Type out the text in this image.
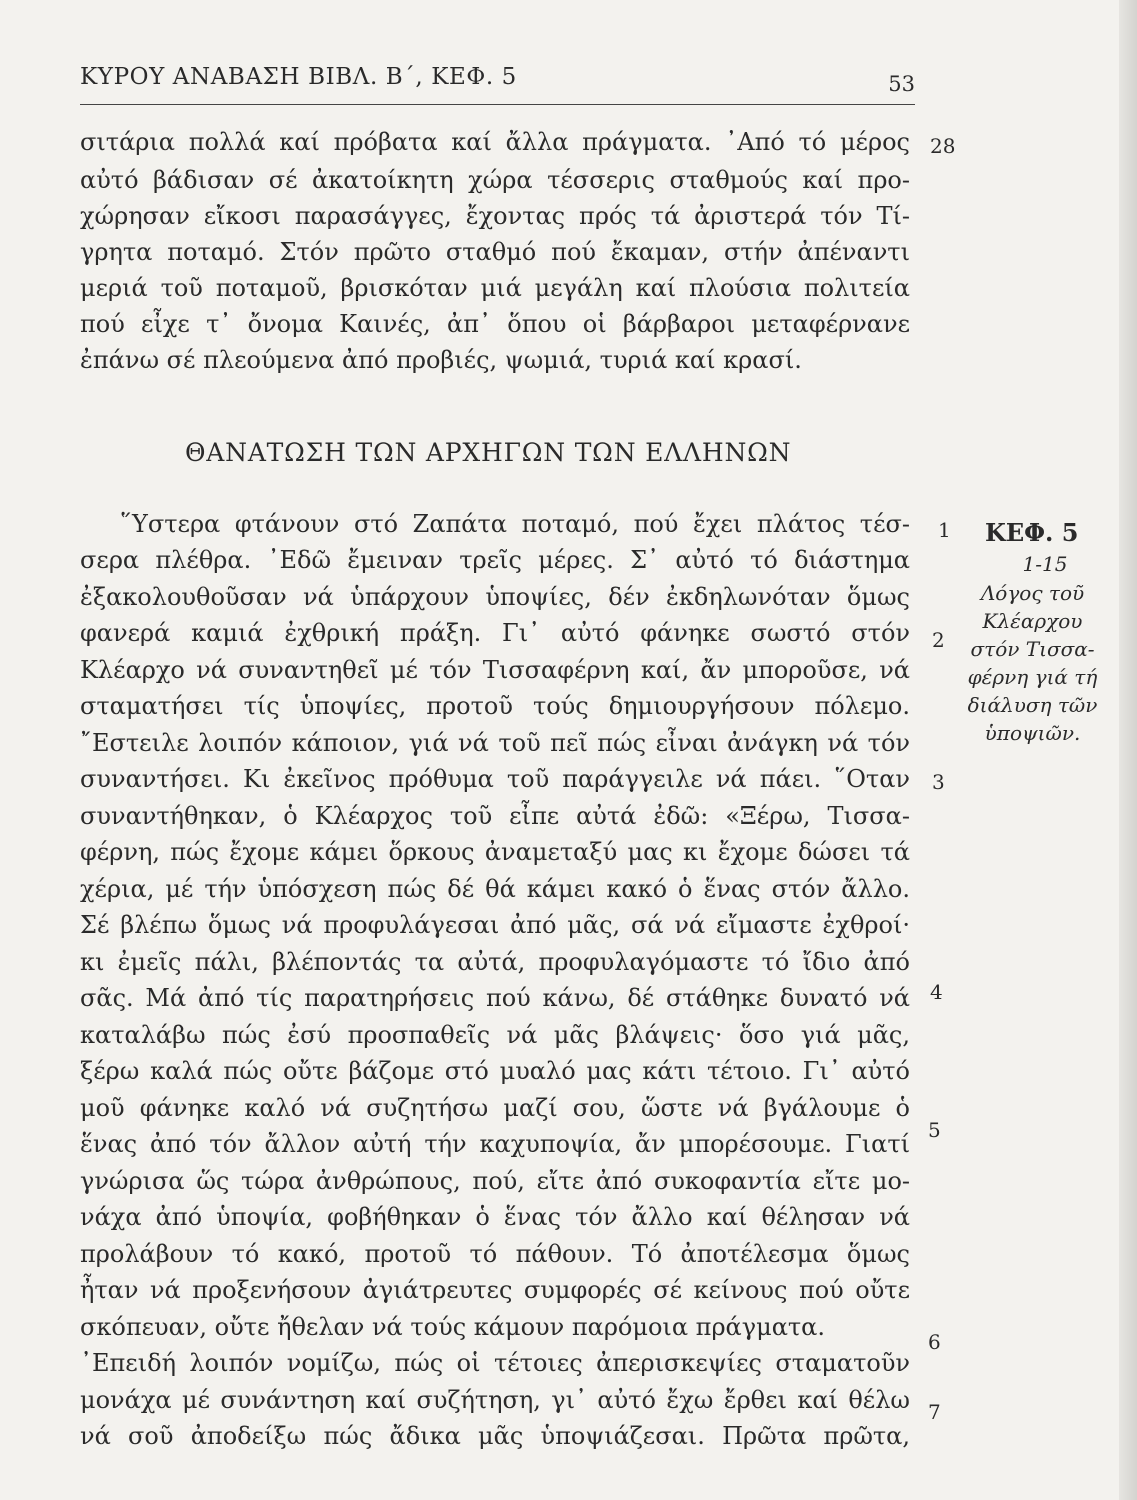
ΚΥΡΟΥ ΑΝΑΒΑΣΗ ΒΙΒΛ. Β΄, ΚΕΦ. 5	53
σιτάρια πολλά καί πρόβατα καί ἄλλα πράγματα. ᾿Από τό μέρος 28
αὐτό βάδισαν σέ ἀκατοίκητη χώρα τέσσερις σταθμούς καί προ-
χώρησαν εἴκοσι παρασάγγες, ἔχοντας πρός τά ἀριστερά τόν Τί-
γρητα ποταμό. Στόν πρῶτο σταθμό πού ἔκαμαν, στήν ἀπέναντι
μεριά τοῦ ποταμοῦ, βρισκόταν μιά μεγάλη καί πλούσια πολιτεία
πού εἶχε τ᾿ ὄνομα Καινές, ἀπ᾿ ὅπου οἱ βάρβαροι μεταφέρνανε
ἐπάνω σέ πλεούμενα ἀπό προβιές, ψωμιά, τυριά καί κρασί.
ΘΑΝΑΤΩΣΗ ΤΩΝ ΑΡΧΗΓΩΝ ΤΩΝ ΕΛΛΗΝΩΝ
῞Υστερα φτάνουν στό Ζαπάτα ποταμό, πού ἔχει πλάτος τέσ-
σερα πλέθρα. ᾿Εδῶ ἔμειναν τρεῖς μέρες. Σ᾿ αὐτό τό διάστημα
ἐξακολουθοῦσαν νά ὑπάρχουν ὑποψίες, δέν ἐκδηλωνόταν ὅμως
φανερά καμιά ἐχθρική πράξη. Γι᾿ αὐτό φάνηκε σωστό στόν
Κλέαρχο νά συναντηθεῖ μέ τόν Τισσαφέρνη καί, ἄν μποροῦσε, νά
σταματήσει τίς ὑποψίες, προτοῦ τούς δημιουργήσουν πόλεμο.
῎Εστειλε λοιπόν κάποιον, γιά νά τοῦ πεῖ πώς εἶναι ἀνάγκη νά τόν
συναντήσει. Κι ἐκεῖνος πρόθυμα τοῦ παράγγειλε νά πάει. ῞Οταν
συναντήθηκαν, ὁ Κλέαρχος τοῦ εἶπε αὐτά ἐδῶ: «Ξέρω, Τισσα-
φέρνη, πώς ἔχομε κάμει ὅρκους ἀναμεταξύ μας κι ἔχομε δώσει τά
χέρια, μέ τήν ὑπόσχεση πώς δέ θά κάμει κακό ὁ ἕνας στόν ἄλλο.
Σέ βλέπω ὅμως νά προφυλάγεσαι ἀπό μᾶς, σά νά εἴμαστε ἐχθροί·
κι ἐμεῖς πάλι, βλέποντάς τα αὐτά, προφυλαγόμαστε τό ἴδιο ἀπό
σᾶς. Μά ἀπό τίς παρατηρήσεις πού κάνω, δέ στάθηκε δυνατό νά
καταλάβω πώς ἐσύ προσπαθεῖς νά μᾶς βλάψεις· ὅσο γιά μᾶς,
ξέρω καλά πώς οὔτε βάζομε στό μυαλό μας κάτι τέτοιο. Γι᾿ αὐτό
μοῦ φάνηκε καλό νά συζητήσω μαζί σου, ὥστε νά βγάλουμε ὁ
ἕνας ἀπό τόν ἄλλον αὐτή τήν καχυποψία, ἄν μπορέσουμε. Γιατί
γνώρισα ὥς τώρα ἀνθρώπους, πού, εἴτε ἀπό συκοφαντία εἴτε μο-
νάχα ἀπό ὑποψία, φοβήθηκαν ὁ ἕνας τόν ἄλλο καί θέλησαν νά
προλάβουν τό κακό, προτοῦ τό πάθουν. Τό ἀποτέλεσμα ὅμως
ἦταν νά προξενήσουν ἀγιάτρευτες συμφορές σέ κείνους πού οὔτε
σκόπευαν, οὔτε ἤθελαν νά τούς κάμουν παρόμοια πράγματα.
᾿Επειδή λοιπόν νομίζω, πώς οἱ τέτοιες ἀπερισκεψίες σταματοῦν
μονάχα μέ συνάντηση καί συζήτηση, γι᾿ αὐτό ἔχω ἔρθει καί θέλω
νά σοῦ ἀποδείξω πώς ἄδικα μᾶς ὑποψιάζεσαι. Πρῶτα πρῶτα,
1
2
3
4
5
6
7
ΚΕΦ. 5
1-15
Λόγος τοῦ
Κλέαρχου
στόν Τισσα-
φέρνη γιά τή
διάλυση τῶν
ὑποψιῶν.
